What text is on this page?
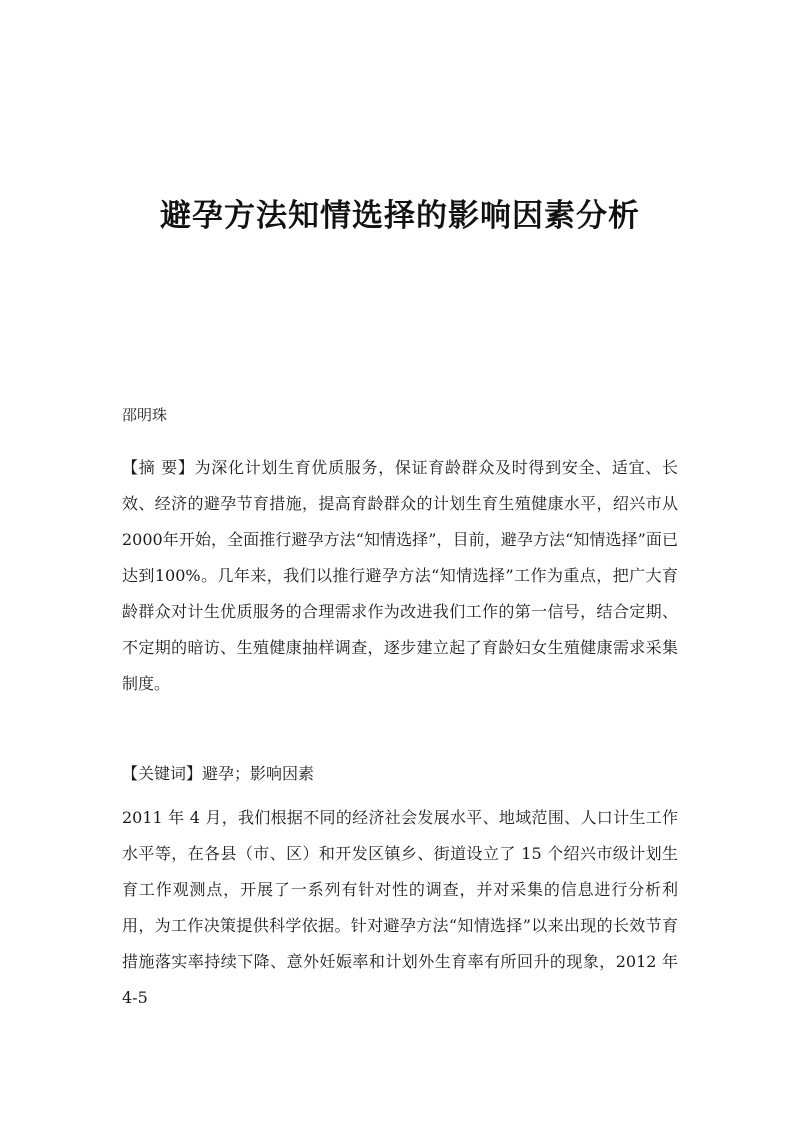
避孕方法知情选择的影响因素分析

邵明珠

【摘 要】为深化计划生育优质服务，保证育龄群众及时得到安全、适宜、长效、经济的避孕节育措施，提高育龄群众的计划生育生殖健康水平，绍兴市从2000年开始，全面推行避孕方法“知情选择”，目前，避孕方法“知情选择”面已达到100%。几年来，我们以推行避孕方法“知情选择”工作为重点，把广大育龄群众对计生优质服务的合理需求作为改进我们工作的第一信号，结合定期、不定期的暗访、生殖健康抽样调查，逐步建立起了育龄妇女生殖健康需求采集制度。

【关键词】避孕；影响因素

2011 年 4 月，我们根据不同的经济社会发展水平、地域范围、人口计生工作水平等，在各县（市、区）和开发区镇乡、街道设立了 15 个绍兴市级计划生育工作观测点，开展了一系列有针对性的调查，并对采集的信息进行分析利用，为工作决策提供科学依据。针对避孕方法“知情选择”以来出现的长效节育措施落实率持续下降、意外妊娠率和计划外生育率有所回升的现象，2012 年 4-5
